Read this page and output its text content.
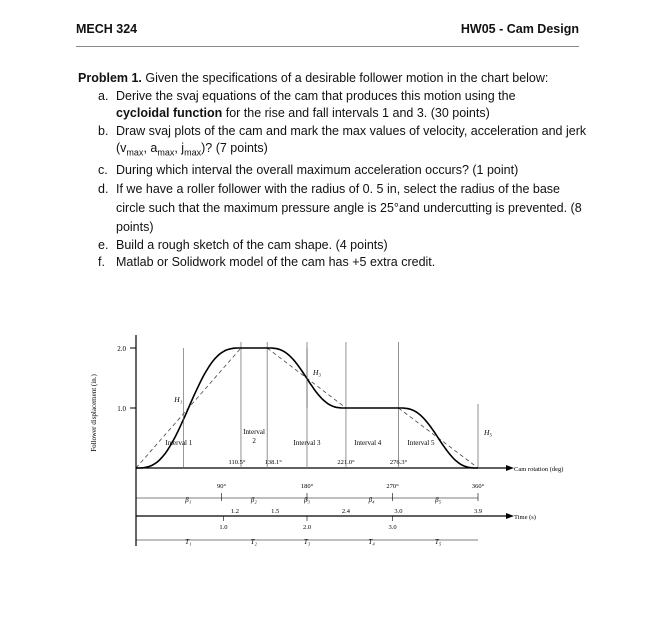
MECH 324	HW05 - Cam Design
Problem 1. Given the specifications of a desirable follower motion in the chart below:
a. Derive the svaj equations of the cam that produces this motion using the
cycloidal function for the rise and fall intervals 1 and 3. (30 points)
b. Draw svaj plots of the cam and mark the max values of velocity, acceleration and jerk ($v_{max}$, $a_{max}$, $j_{max}$)? (7 points)
c. During which interval the overall maximum acceleration occurs? (1 point)
d. If we have a roller follower with the radius of 0. 5 in, select the radius of the base circle such that the maximum pressure angle is 25°and undercutting is prevented. (8 points)
e. Build a rough sketch of the cam shape. (4 points)
f. Matlab or Solidwork model of the cam has +5 extra credit.
2.0
1.0
Follower displacement (in.)	H₁
H₃
H₅
Interval 1
Interval
2	Interval 3	Interval 4	Interval 5
110.5°	138.1°	221.0°	276.3°
Cam rotation (deg)
90°	180°	270°	360°
β₁	β₂	β₃	β₄	β₅
Time (s)
1.2	1.5	2.4	3.0	3.9
1.0	2.0	3.0
T₁	T₂	T₃	T₄	T₅
